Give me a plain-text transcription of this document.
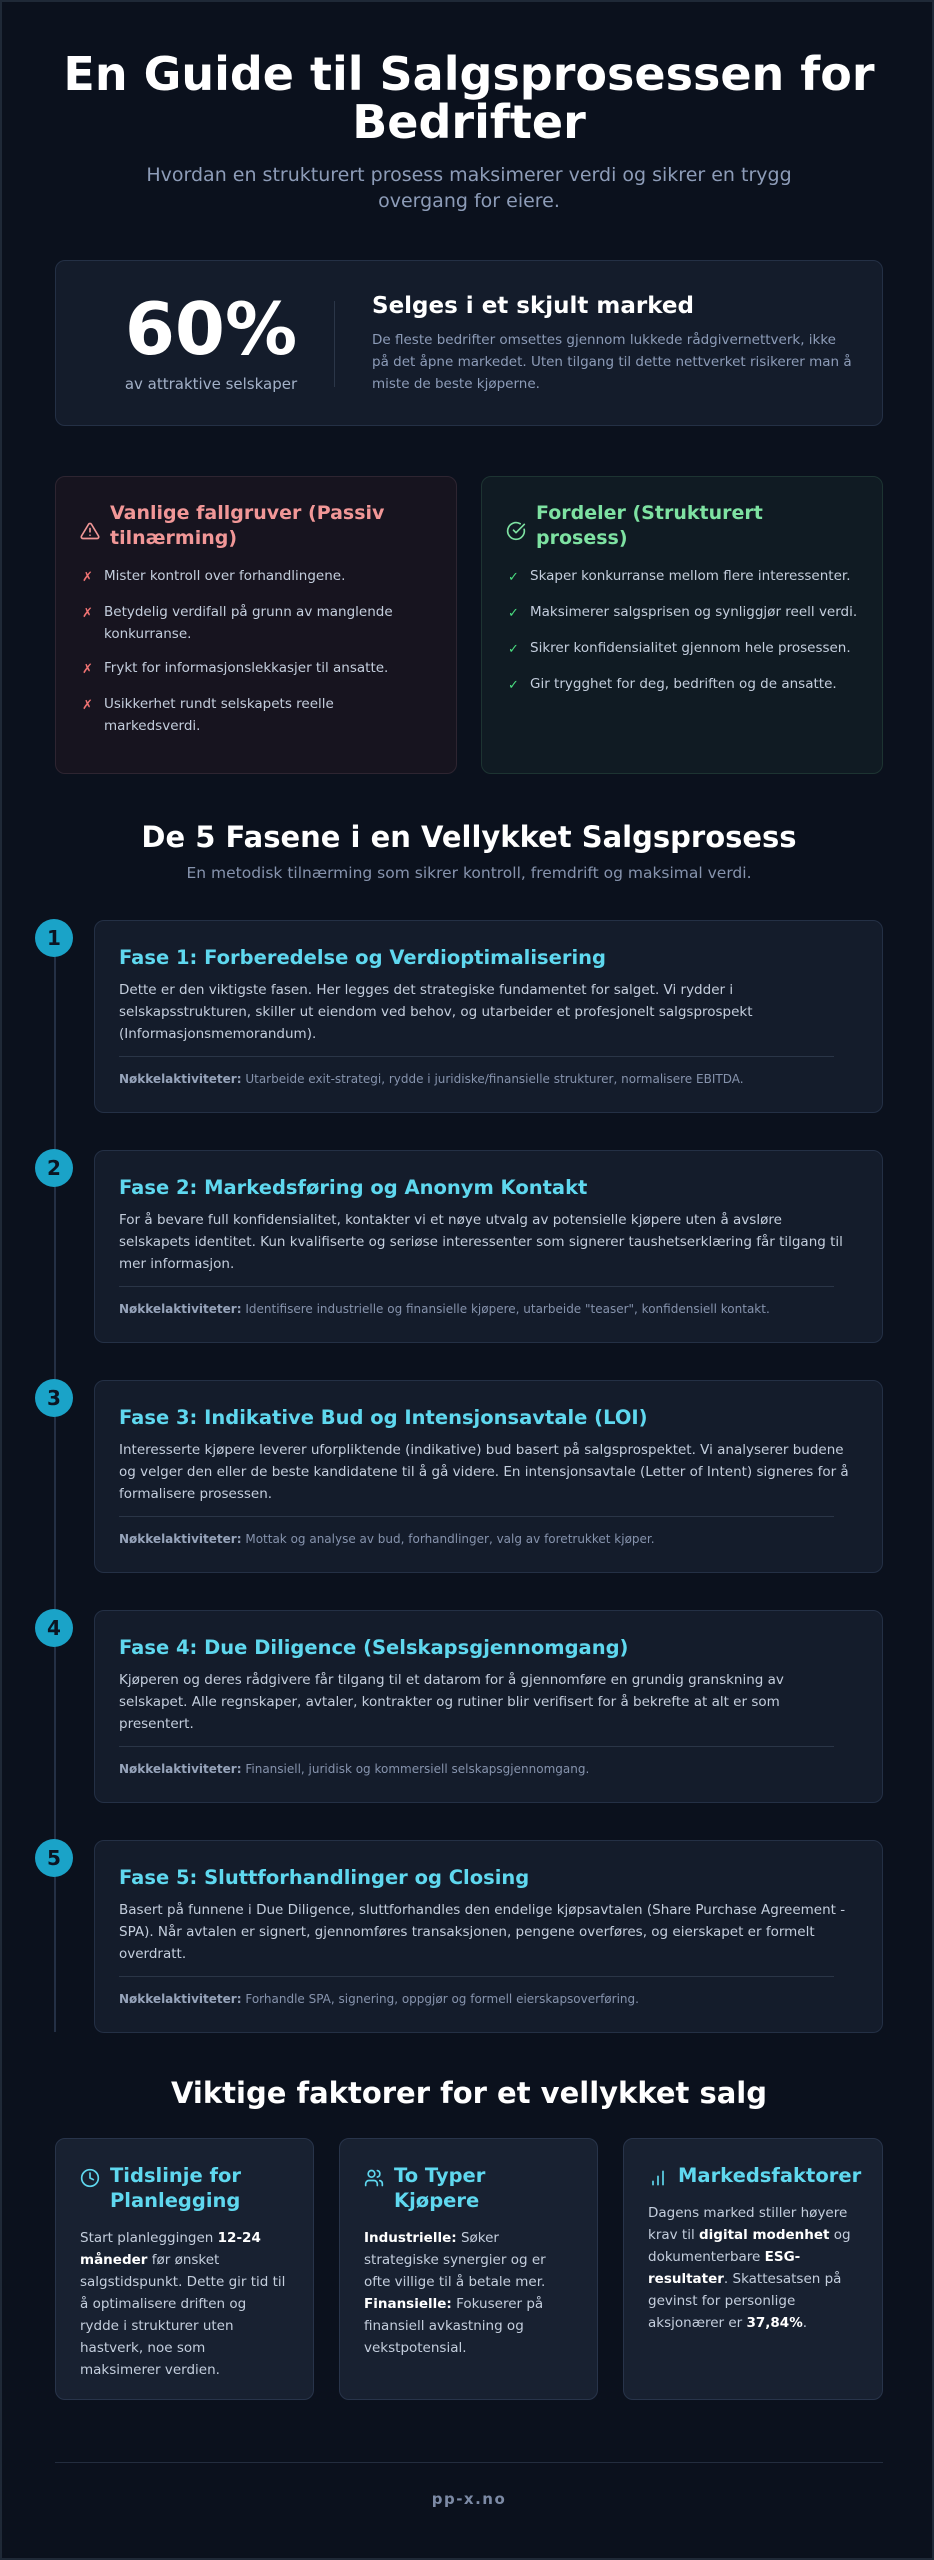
En Guide til Salgsprosessen for Bedrifter

Hvordan en strukturert prosess maksimerer verdi og sikrer en trygg overgang for eiere.

60%
av attraktive selskaper
Selges i et skjult marked
De fleste bedrifter omsettes gjennom lukkede rådgivernettverk, ikke på det åpne markedet. Uten tilgang til dette nettverket risikerer man å miste de beste kjøperne.
Vanlige fallgruver (Passiv tilnærming)
✗ Mister kontroll over forhandlingene.
✗ Betydelig verdifall på grunn av manglende konkurranse.
✗ Frykt for informasjonslekkasjer til ansatte.
✗ Usikkerhet rundt selskapets reelle markedsverdi.
Fordeler (Strukturert prosess)
✓ Skaper konkurranse mellom flere interessenter.
✓ Maksimerer salgsprisen og synliggjør reell verdi.
✓ Sikrer konfidensialitet gjennom hele prosessen.
✓ Gir trygghet for deg, bedriften og de ansatte.
De 5 Fasene i en Vellykket Salgsprosess
En metodisk tilnærming som sikrer kontroll, fremdrift og maksimal verdi.
1
Fase 1: Forberedelse og Verdioptimalisering
Dette er den viktigste fasen. Her legges det strategiske fundamentet for salget. Vi rydder i selskapsstrukturen, skiller ut eiendom ved behov, og utarbeider et profesjonelt salgsprospekt (Informasjonsmemorandum).
Nøkkelaktiviteter: Utarbeide exit-strategi, rydde i juridiske/finansielle strukturer, normalisere EBITDA.
2
Fase 2: Markedsføring og Anonym Kontakt
For å bevare full konfidensialitet, kontakter vi et nøye utvalg av potensielle kjøpere uten å avsløre selskapets identitet. Kun kvalifiserte og seriøse interessenter som signerer taushetserklæring får tilgang til mer informasjon.
Nøkkelaktiviteter: Identifisere industrielle og finansielle kjøpere, utarbeide "teaser", konfidensiell kontakt.
3
Fase 3: Indikative Bud og Intensjonsavtale (LOI)
Interesserte kjøpere leverer uforpliktende (indikative) bud basert på salgsprospektet. Vi analyserer budene og velger den eller de beste kandidatene til å gå videre. En intensjonsavtale (Letter of Intent) signeres for å formalisere prosessen.
Nøkkelaktiviteter: Mottak og analyse av bud, forhandlinger, valg av foretrukket kjøper.
4
Fase 4: Due Diligence (Selskapsgjennomgang)
Kjøperen og deres rådgivere får tilgang til et datarom for å gjennomføre en grundig granskning av selskapet. Alle regnskaper, avtaler, kontrakter og rutiner blir verifisert for å bekrefte at alt er som presentert.
Nøkkelaktiviteter: Finansiell, juridisk og kommersiell selskapsgjennomgang.
5
Fase 5: Sluttforhandlinger og Closing
Basert på funnene i Due Diligence, sluttforhandles den endelige kjøpsavtalen (Share Purchase Agreement - SPA). Når avtalen er signert, gjennomføres transaksjonen, pengene overføres, og eierskapet er formelt overdratt.
Nøkkelaktiviteter: Forhandle SPA, signering, oppgjør og formell eierskapsoverføring.
Viktige faktorer for et vellykket salg
Tidslinje for Planlegging
Start planleggingen 12-24 måneder før ønsket salgstidspunkt. Dette gir tid til å optimalisere driften og rydde i strukturer uten hastverk, noe som maksimerer verdien.
To Typer Kjøpere
Industrielle: Søker strategiske synergier og er ofte villige til å betale mer. Finansielle: Fokuserer på finansiell avkastning og vekstpotensial.
Markedsfaktorer
Dagens marked stiller høyere krav til digital modenhet og dokumenterbare ESG-resultater. Skattesatsen på gevinst for personlige aksjonærer er 37,84%.
pp-x.no
